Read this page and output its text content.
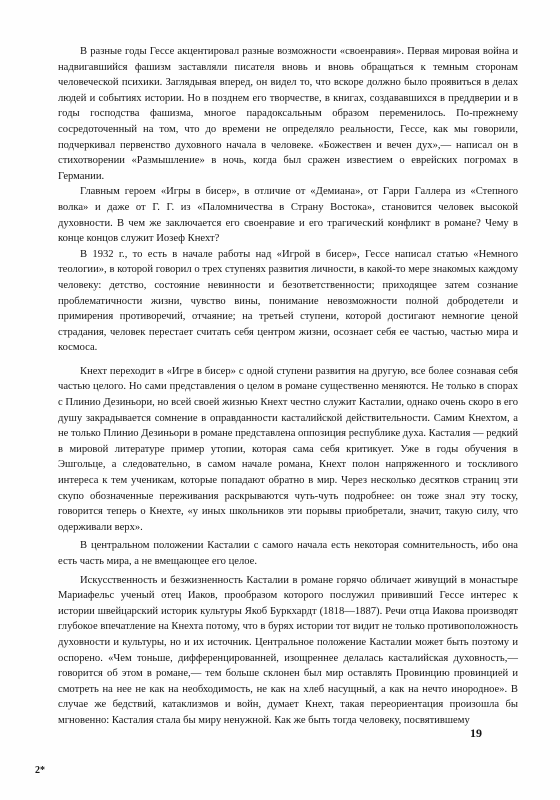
В разные годы Гессе акцентировал разные возможности «своенравия». Первая мировая война и надвигавшийся фашизм заставляли писателя вновь и вновь обращаться к темным сторонам человеческой психики. Заглядывая вперед, он видел то, что вскоре должно было проявиться в делах людей и событиях истории. Но в позднем его творчестве, в книгах, создававшихся в преддверии и в годы господства фашизма, многое парадоксальным образом переменилось. По-прежнему сосредоточенный на том, что до времени не определяло реальности, Гессе, как мы говорили, подчеркивал первенство духовного начала в человеке. «Божествен и вечен дух»,— написал он в стихотворении «Размышление» в ночь, когда был сражен известием о еврейских погромах в Германии.

Главным героем «Игры в бисер», в отличие от «Демиана», от Гарри Галлера из «Степного волка» и даже от Г. Г. из «Паломничества в Страну Востока», становится человек высокой духовности. В чем же заключается его своенравие и его трагический конфликт в романе? Чему в конце концов служит Иозеф Кнехт?

В 1932 г., то есть в начале работы над «Игрой в бисер», Гессе написал статью «Немного теологии», в которой говорил о трех ступенях развития личности, в какой-то мере знакомых каждому человеку: детство, состояние невинности и безответственности; приходящее затем сознание проблематичности жизни, чувство вины, понимание невозможности полной добродетели и примирения противоречий, отчаяние; на третьей ступени, которой достигают немногие ценой страдания, человек перестает считать себя центром жизни, осознает себя ее частью, частью мира и космоса.

Кнехт переходит в «Игре в бисер» с одной ступени развития на другую, все более сознавая себя частью целого. Но сами представления о целом в романе существенно меняются. Не только в спорах с Плинио Дезиньори, но всей своей жизнью Кнехт честно служит Касталии, однако очень скоро в его душу закрадывается сомнение в оправданности касталийской действительности. Самим Кнехтом, а не только Плинио Дезиньори в романе представлена оппозиция республике духа. Касталия — редкий в мировой литературе пример утопии, которая сама себя критикует. Уже в годы обучения в Эшгольце, а следовательно, в самом начале романа, Кнехт полон напряженного и тоскливого интереса к тем ученикам, которые попадают обратно в мир. Через несколько десятков страниц эти скупо обозначенные переживания раскрываются чуть-чуть подробнее: он тоже знал эту тоску, говорится теперь о Кнехте, «у иных школьников эти порывы приобретали, значит, такую силу, что одерживали верх».

В центральном положении Касталии с самого начала есть некоторая сомнительность, ибо она есть часть мира, а не вмещающее его целое.

Искусственность и безжизненность Касталии в романе горячо обличает живущий в монастыре Мариафельс ученый отец Иаков, прообразом которого послужил прививший Гессе интерес к истории швейцарский историк культуры Якоб Буркхардт (1818—1887). Речи отца Иакова производят глубокое впечатление на Кнехта потому, что в бурях истории тот видит не только противоположность духовности и культуры, но и их источник. Центральное положение Касталии может быть поэтому и оспорено. «Чем тоньше, дифференцированней, изощреннее делалась касталийская духовность,— говорится об этом в романе,— тем больше склонен был мир оставлять Провинцию провинцией и смотреть на нее не как на необходимость, не как на хлеб насущный, а как на нечто инородное». В случае же бедствий, катаклизмов и войн, думает Кнехт, такая переориентация произошла бы мгновенно: Касталия стала бы миру ненужной. Как же быть тогда человеку, посвятившему

19
2*
